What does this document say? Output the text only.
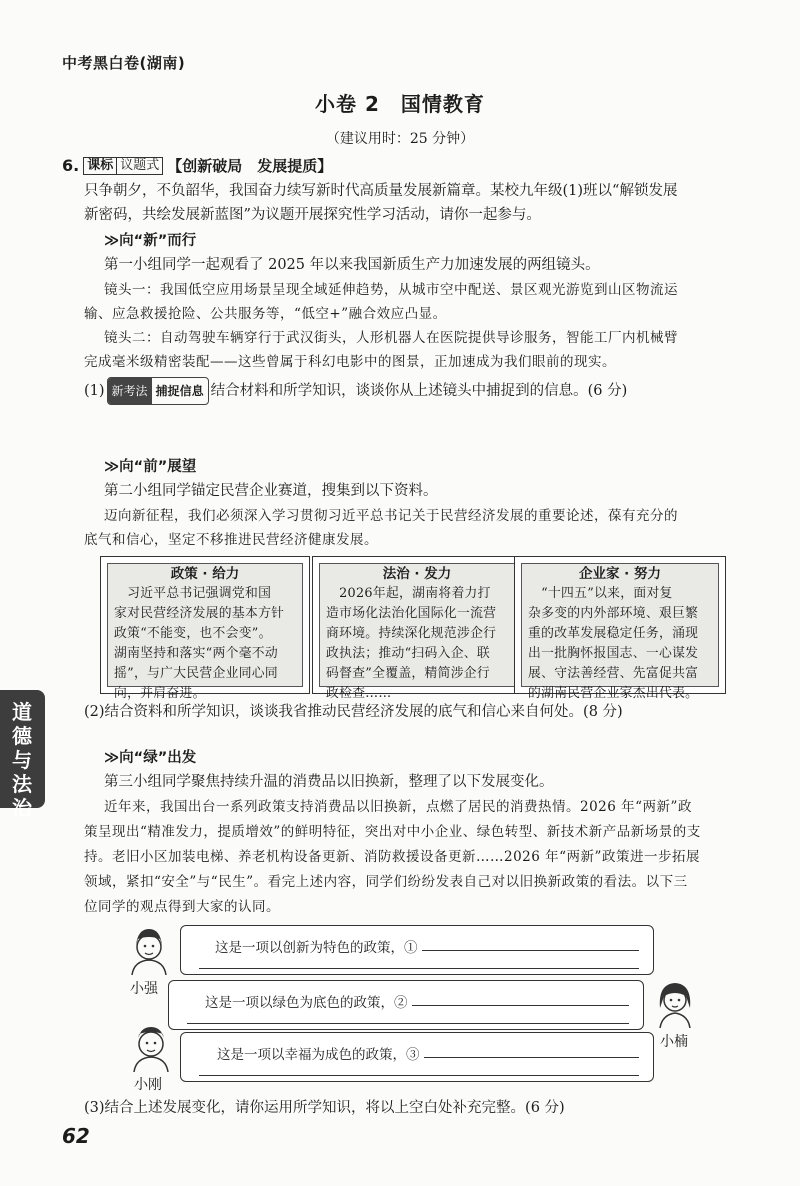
中考黑白卷(湖南)
小卷 2　国情教育
（建议用时：25 分钟）
6. 课标 议题式 【创新破局　发展提质】
只争朝夕，不负韶华，我国奋力续写新时代高质量发展新篇章。某校九年级(1)班以“解锁发展
新密码，共绘发展新蓝图”为议题开展探究性学习活动，请你一起参与。
≫向“新”而行
第一小组同学一起观看了 2025 年以来我国新质生产力加速发展的两组镜头。
镜头一：我国低空应用场景呈现全域延伸趋势，从城市空中配送、景区观光游览到山区物流运
输、应急救援抢险、公共服务等，“低空+”融合效应凸显。
镜头二：自动驾驶车辆穿行于武汉街头，人形机器人在医院提供导诊服务，智能工厂内机械臂
完成毫米级精密装配——这些曾属于科幻电影中的图景，正加速成为我们眼前的现实。
(1) 新考法 捕捉信息 结合材料和所学知识，谈谈你从上述镜头中捕捉到的信息。(6 分)
≫向“前”展望
第二小组同学锚定民营企业赛道，搜集到以下资料。
迈向新征程，我们必须深入学习贯彻习近平总书记关于民营经济发展的重要论述，葆有充分的
底气和信心，坚定不移推进民营经济健康发展。
政策 · 给力
　习近平总书记强调党和国
家对民营经济发展的基本方针
政策“不能变，也不会变”。
湖南坚持和落实“两个毫不动
摇”，与广大民营企业同心同
向，并肩奋进。
法治 · 发力
　2026年起，湖南将着力打
造市场化法治化国际化一流营
商环境。持续深化规范涉企行
政执法；推动“扫码入企、联
码督查”全覆盖，精简涉企行
政检查……
企业家 · 努力
　“十四五”以来，面对复
杂多变的内外部环境、艰巨繁
重的改革发展稳定任务，涌现
出一批胸怀报国志、一心谋发
展、守法善经营、先富促共富
的湖南民营企业家杰出代表。
(2)结合资料和所学知识，谈谈我省推动民营经济发展的底气和信心来自何处。(8 分)
道德与法治
≫向“绿”出发
第三小组同学聚焦持续升温的消费品以旧换新，整理了以下发展变化。
近年来，我国出台一系列政策支持消费品以旧换新，点燃了居民的消费热情。2026 年“两新”政
策呈现出“精准发力，提质增效”的鲜明特征，突出对中小企业、绿色转型、新技术新产品新场景的支
持。老旧小区加装电梯、养老机构设备更新、消防救援设备更新……2026 年“两新”政策进一步拓展
领域，紧扣“安全”与“民生”。看完上述内容，同学们纷纷发表自己对以旧换新政策的看法。以下三
位同学的观点得到大家的认同。
小强
这是一项以创新为特色的政策，①
这是一项以绿色为底色的政策，②
小楠
小刚
这是一项以幸福为成色的政策，③
(3)结合上述发展变化，请你运用所学知识，将以上空白处补充完整。(6 分)
62
